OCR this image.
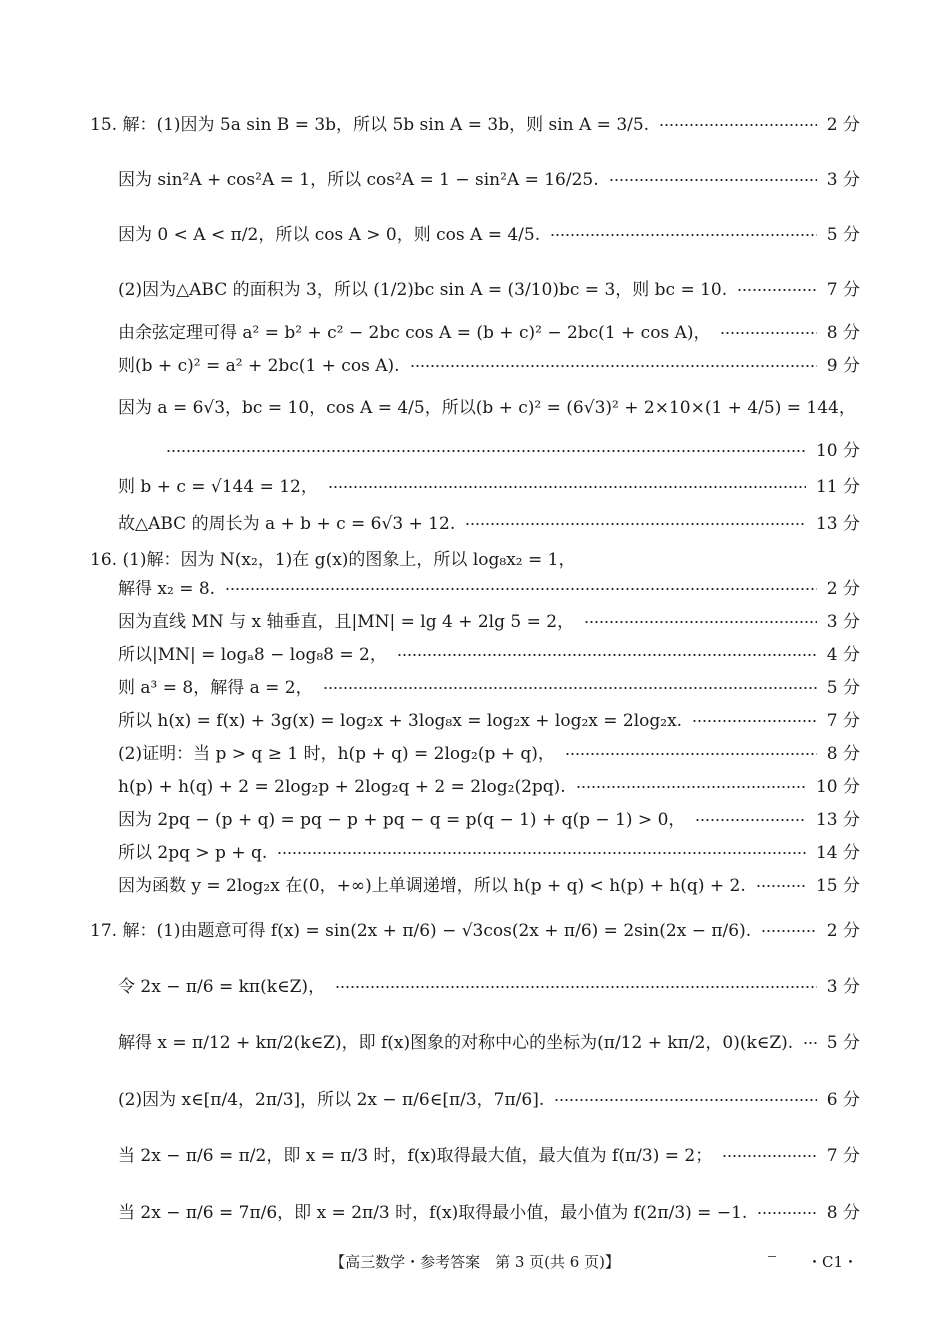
15. 解：(1)因为 5a sin B = 3b，所以 5b sin A = 3b，则 sin A = 3/5.	2 分
因为 sin²A + cos²A = 1，所以 cos²A = 1 − sin²A = 16/25.	3 分
因为 0 < A < π/2，所以 cos A > 0，则 cos A = 4/5.	5 分
(2)因为△ABC 的面积为 3，所以 (1/2)bc sin A = (3/10)bc = 3，则 bc = 10.	7 分
由余弦定理可得 a² = b² + c² − 2bc cos A = (b + c)² − 2bc(1 + cos A)，	8 分
则(b + c)² = a² + 2bc(1 + cos A).	9 分
因为 a = 6√3，bc = 10，cos A = 4/5，所以(b + c)² = (6√3)² + 2×10×(1 + 4/5) = 144，
10 分
则 b + c = √144 = 12，	11 分
故△ABC 的周长为 a + b + c = 6√3 + 12.	13 分
16. (1)解：因为 N(x₂，1)在 g(x)的图象上，所以 log₈x₂ = 1，
解得 x₂ = 8.	2 分
因为直线 MN 与 x 轴垂直，且|MN| = lg 4 + 2lg 5 = 2，	3 分
所以|MN| = logₐ8 − log₈8 = 2，	4 分
则 a³ = 8，解得 a = 2，	5 分
所以 h(x) = f(x) + 3g(x) = log₂x + 3log₈x = log₂x + log₂x = 2log₂x.	7 分
(2)证明：当 p > q ≥ 1 时，h(p + q) = 2log₂(p + q)，	8 分
h(p) + h(q) + 2 = 2log₂p + 2log₂q + 2 = 2log₂(2pq).	10 分
因为 2pq − (p + q) = pq − p + pq − q = p(q − 1) + q(p − 1) > 0，	13 分
所以 2pq > p + q.	14 分
因为函数 y = 2log₂x 在(0，+∞)上单调递增，所以 h(p + q) < h(p) + h(q) + 2.	15 分
17. 解：(1)由题意可得 f(x) = sin(2x + π/6) − √3cos(2x + π/6) = 2sin(2x − π/6).	2 分
令 2x − π/6 = kπ(k∈Z)，	3 分
解得 x = π/12 + kπ/2(k∈Z)，即 f(x)图象的对称中心的坐标为(π/12 + kπ/2，0)(k∈Z). 5 分
(2)因为 x∈[π/4，2π/3]，所以 2x − π/6∈[π/3，7π/6].	6 分
当 2x − π/6 = π/2，即 x = π/3 时，f(x)取得最大值，最大值为 f(π/3) = 2；	7 分
当 2x − π/6 = 7π/6，即 x = 2π/3 时，f(x)取得最小值，最小值为 f(2π/3) = −1.	8 分
【高三数学・参考答案　第 3 页(共 6 页)】	・C1・
